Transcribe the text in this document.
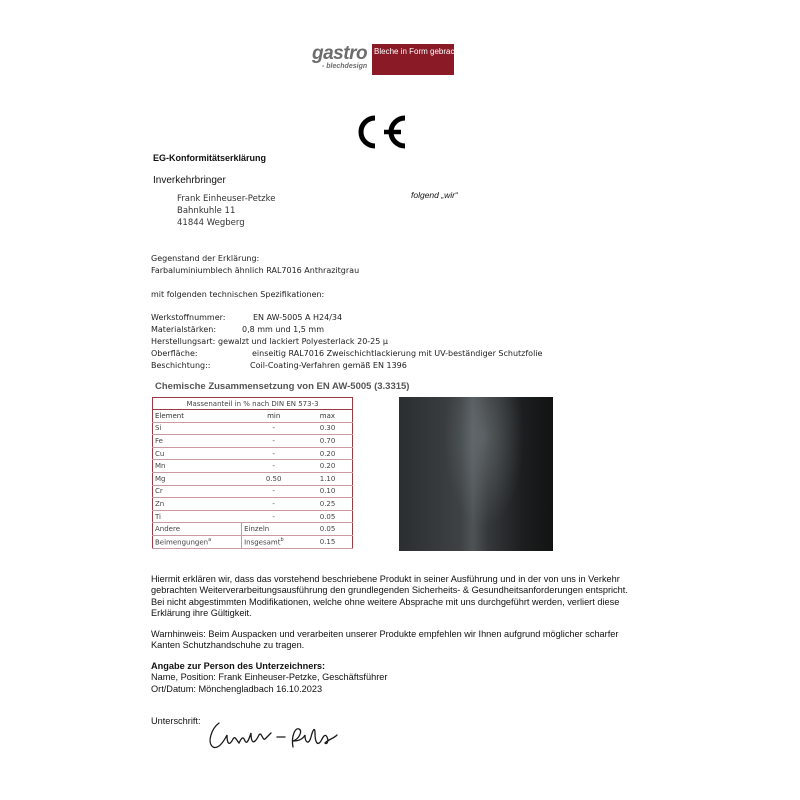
gastro
- blechdesign
Bleche in Form gebracht
EG-Konformitätserklärung
Inverkehrbringer
Frank Einheuser-Petzke
Bahnkuhle 11
41844 Wegberg
folgend „wir“
Gegenstand der Erklärung:
Farbaluminiumblech ähnlich RAL7016 Anthrazitgrau
mit folgenden technischen Spezifikationen:
Werkstoffnummer:	EN AW-5005 A H24/34
Materialstärken:	0,8 mm und 1,5 mm
Herstellungsart: gewalzt und lackiert Polyesterlack 20-25 µ
Oberfläche:	einseitig RAL7016 Zweischichtlackierung mit UV-beständiger Schutzfolie
Beschichtung::	Coil-Coating-Verfahren gemäß EN 1396
Chemische Zusammensetzung von EN AW-5005 (3.3315)
Massenanteil in % nach DIN EN 573-3		
Element	min	max
Si	-	0.30
Fe	-	0.70
Cu	-	0.20
Mn	-	0.20
Mg	0.50	1.10
Cr	-	0.10
Zn	-	0.25
Ti	-	0.05
Andere	Einzeln	0.05
Beimengungen$^a$	Insgesamt$^b$	0.15
Hiermit erklären wir, dass das vorstehend beschriebene Produkt in seiner Ausführung und in der von uns in Verkehr
gebrachten Weiterverarbeitungsausführung den grundlegenden Sicherheits- & Gesundheitsanforderungen entspricht.
Bei nicht abgestimmten Modifikationen, welche ohne weitere Absprache mit uns durchgeführt werden, verliert diese
Erklärung ihre Gültigkeit.
Warnhinweis: Beim Auspacken und verarbeiten unserer Produkte empfehlen wir Ihnen aufgrund möglicher scharfer
Kanten Schutzhandschuhe zu tragen.
Angabe zur Person des Unterzeichners:
Name, Position: Frank Einheuser-Petzke, Geschäftsführer
Ort/Datum: Mönchengladbach 16.10.2023
Unterschrift:
